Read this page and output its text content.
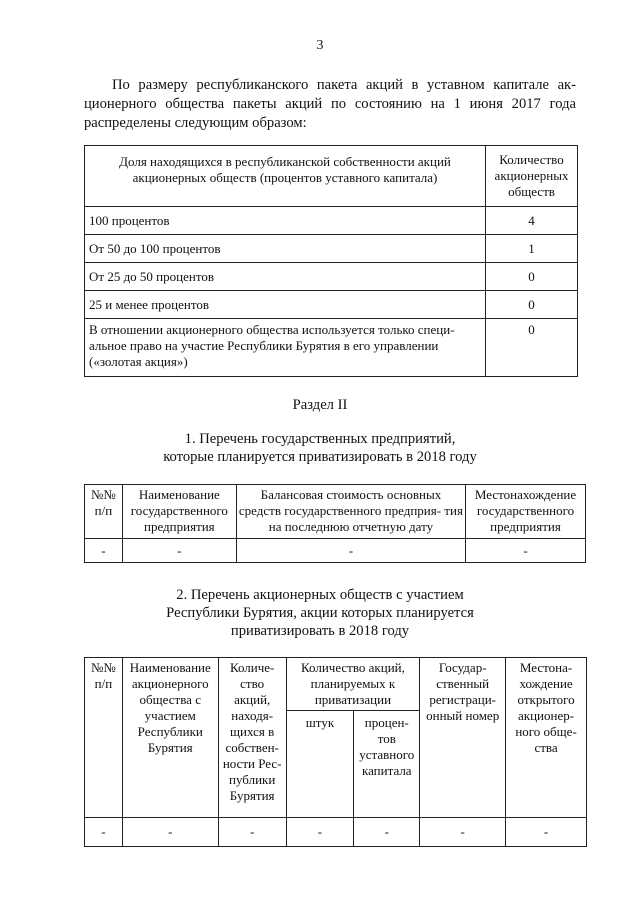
3
По размеру республиканского пакета акций в уставном капитале ак-
ционерного общества пакеты акций по состоянию на 1 июня 2017 года
распределены следующим образом:
Доля находящихся в республиканской собственности акций акционерных обществ (процентов уставного капитала)	Количество акционерных обществ
100 процентов	4
От 50 до 100 процентов	1
От 25 до 50 процентов	0
25 и менее процентов	0
В отношении акционерного общества используется только специ- альное право на участие Республики Бурятия в его управлении («золотая акция»)	0
Раздел II
1. Перечень государственных предприятий,
которые планируется приватизировать в 2018 году
№№ п/п	Наименование государственного предприятия	Балансовая стоимость основных средств государственного предприя- тия на последнюю отчетную дату	Местонахождение государственного предприятия
-	-	-	-
2. Перечень акционерных обществ с участием
Республики Бурятия, акции которых планируется
приватизировать в 2018 году
№№ п/п	Наименование акционерного общества с участием Республики Бурятия	Количе- ство акций, находя- щихся в собствен- ности Рес- публики Бурятия	Количество акций, планируемых к приватизации		Государ- ственный регистраци- онный номер	Местона- хождение открытого акционер- ного обще- ства
			штук	процен- тов уставного капитала		
-	-	-	-	-	-	-
